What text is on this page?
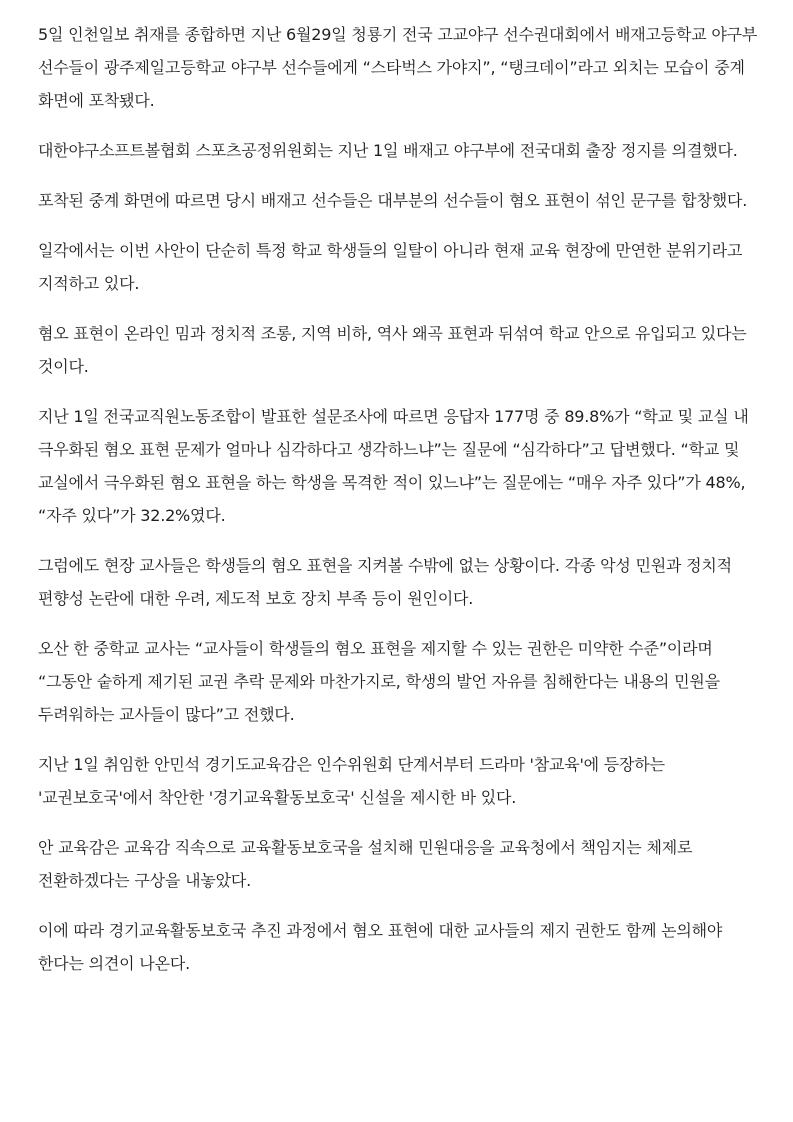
5일 인천일보 취재를 종합하면 지난 6월29일 청룡기 전국 고교야구 선수권대회에서 배재고등학교 야구부 선수들이 광주제일고등학교 야구부 선수들에게 “스타벅스 가야지”, “탱크데이”라고 외치는 모습이 중계 화면에 포착됐다.

대한야구소프트볼협회 스포츠공정위원회는 지난 1일 배재고 야구부에 전국대회 출장 정지를 의결했다.

포착된 중계 화면에 따르면 당시 배재고 선수들은 대부분의 선수들이 혐오 표현이 섞인 문구를 합창했다.

일각에서는 이번 사안이 단순히 특정 학교 학생들의 일탈이 아니라 현재 교육 현장에 만연한 분위기라고 지적하고 있다.

혐오 표현이 온라인 밈과 정치적 조롱, 지역 비하, 역사 왜곡 표현과 뒤섞여 학교 안으로 유입되고 있다는 것이다.

지난 1일 전국교직원노동조합이 발표한 설문조사에 따르면 응답자 177명 중 89.8%가 “학교 및 교실 내 극우화된 혐오 표현 문제가 얼마나 심각하다고 생각하느냐”는 질문에 “심각하다”고 답변했다. “학교 및 교실에서 극우화된 혐오 표현을 하는 학생을 목격한 적이 있느냐”는 질문에는 “매우 자주 있다”가 48%, “자주 있다”가 32.2%였다.

그럼에도 현장 교사들은 학생들의 혐오 표현을 지켜볼 수밖에 없는 상황이다. 각종 악성 민원과 정치적 편향성 논란에 대한 우려, 제도적 보호 장치 부족 등이 원인이다.

오산 한 중학교 교사는 “교사들이 학생들의 혐오 표현을 제지할 수 있는 권한은 미약한 수준”이라며 “그동안 숱하게 제기된 교권 추락 문제와 마찬가지로, 학생의 발언 자유를 침해한다는 내용의 민원을 두려워하는 교사들이 많다”고 전했다.

지난 1일 취임한 안민석 경기도교육감은 인수위원회 단계서부터 드라마 '참교육'에 등장하는 '교권보호국'에서 착안한 '경기교육활동보호국' 신설을 제시한 바 있다.

안 교육감은 교육감 직속으로 교육활동보호국을 설치해 민원대응을 교육청에서 책임지는 체제로 전환하겠다는 구상을 내놓았다.

이에 따라 경기교육활동보호국 추진 과정에서 혐오 표현에 대한 교사들의 제지 권한도 함께 논의해야 한다는 의견이 나온다.
